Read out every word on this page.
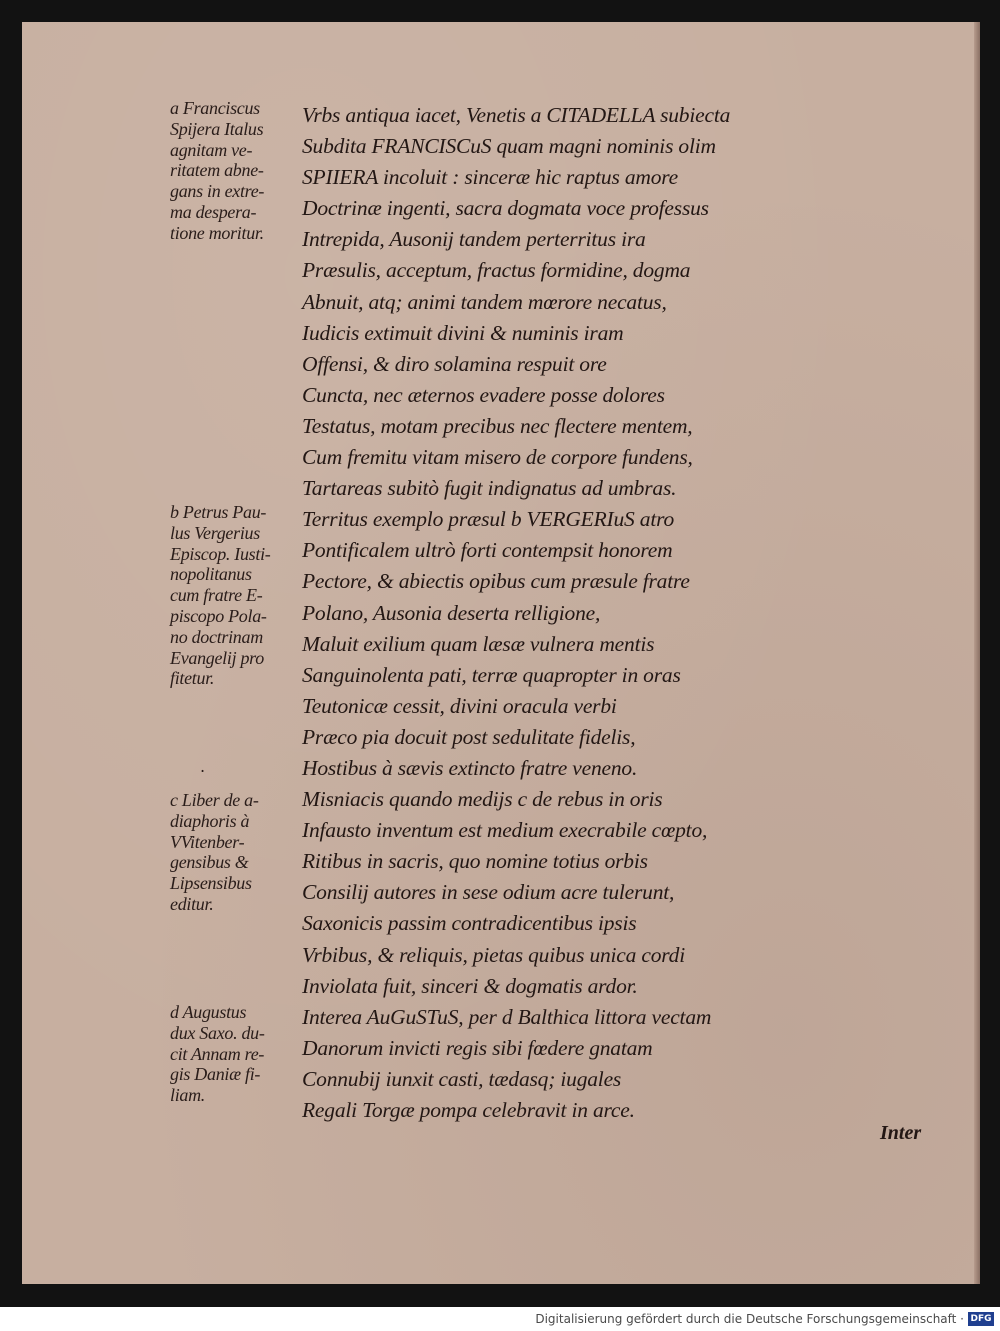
a Franciscus
Spijera Italus
agnitam ve-
ritatem abne-
gans in extre-
ma despera-
tione moritur.
b Petrus Pau-
lus Vergerius
Episcop. Iusti-
nopolitanus
cum fratre E-
piscopo Pola-
no doctrinam
Evangelij pro
fitetur.
c Liber de a-
diaphoris à
VVitenber-
gensibus &
Lipsensibus
editur.
d Augustus
dux Saxo. du-
cit Annam re-
gis Daniæ fi-
liam.
.
Vrbs antiqua iacet, Venetis a CITADELLA subiecta
Subdita FRANCISCuS quam magni nominis olim
SPIIERA incoluit : sinceræ hic raptus amore
Doctrinæ ingenti, sacra dogmata voce professus
Intrepida, Ausonij tandem perterritus ira
Præsulis, acceptum, fractus formidine, dogma
Abnuit, atq; animi tandem mœrore necatus,
Iudicis extimuit divini & numinis iram
Offensi, & diro solamina respuit ore
Cuncta, nec æternos evadere posse dolores
Testatus, motam precibus nec flectere mentem,
Cum fremitu vitam misero de corpore fundens,
Tartareas subitò fugit indignatus ad umbras.
Territus exemplo præsul b VERGERIuS atro
Pontificalem ultrò forti contempsit honorem
Pectore, & abiectis opibus cum præsule fratre
Polano, Ausonia deserta relligione,
Maluit exilium quam læsæ vulnera mentis
Sanguinolenta pati, terræ quapropter in oras
Teutonicæ cessit, divini oracula verbi
Præco pia docuit post sedulitate fidelis,
Hostibus à sævis extincto fratre veneno.
Misniacis quando medijs c de rebus in oris
Infausto inventum est medium execrabile cœpto,
Ritibus in sacris, quo nomine totius orbis
Consilij autores in sese odium acre tulerunt,
Saxonicis passim contradicentibus ipsis
Vrbibus, & reliquis, pietas quibus unica cordi
Inviolata fuit, sinceri & dogmatis ardor.
Interea AuGuSTuS, per d Balthica littora vectam
Danorum invicti regis sibi fœdere gnatam
Connubij iunxit casti, tædasq; iugales
Regali Torgæ pompa celebravit in arce.
Inter
Digitalisierung gefördert durch die Deutsche Forschungsgemeinschaft · DFG
